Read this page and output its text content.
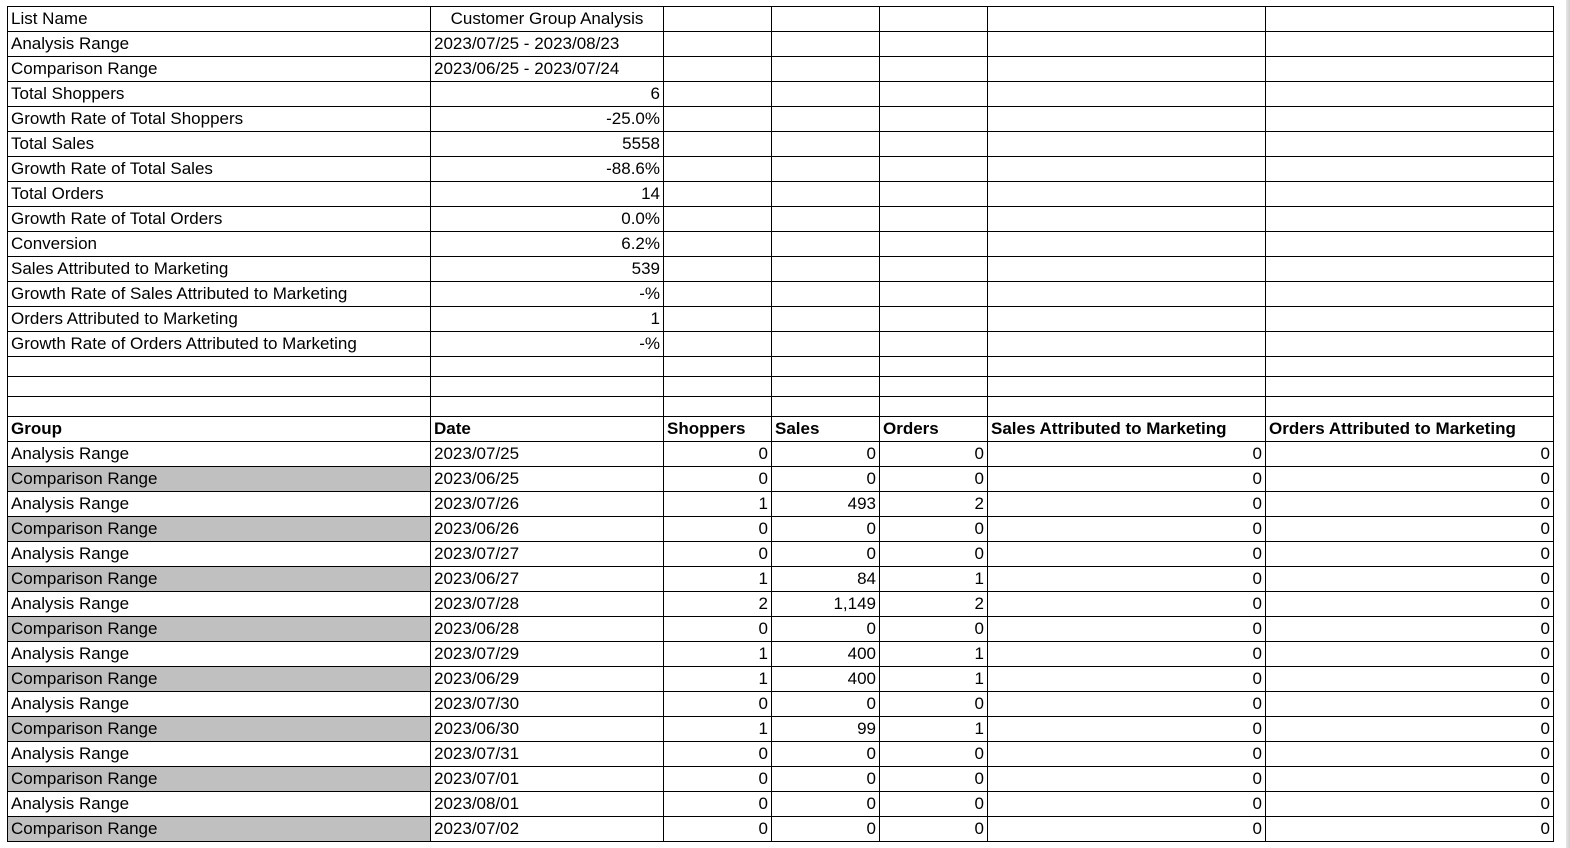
List Name	Customer Group Analysis					
Analysis Range	2023/07/25 - 2023/08/23					
Comparison Range	2023/06/25 - 2023/07/24					
Total Shoppers	6					
Growth Rate of Total Shoppers	-25.0%					
Total Sales	5558					
Growth Rate of Total Sales	-88.6%					
Total Orders	14					
Growth Rate of Total Orders	0.0%					
Conversion	6.2%					
Sales Attributed to Marketing	539					
Growth Rate of Sales Attributed to Marketing	-%					
Orders Attributed to Marketing	1					
Growth Rate of Orders Attributed to Marketing	-%					

Group	Date	Shoppers	Sales	Orders	Sales Attributed to Marketing	Orders Attributed to Marketing
Analysis Range	2023/07/25	0	0	0	0	0
Comparison Range	2023/06/25	0	0	0	0	0
Analysis Range	2023/07/26	1	493	2	0	0
Comparison Range	2023/06/26	0	0	0	0	0
Analysis Range	2023/07/27	0	0	0	0	0
Comparison Range	2023/06/27	1	84	1	0	0
Analysis Range	2023/07/28	2	1,149	2	0	0
Comparison Range	2023/06/28	0	0	0	0	0
Analysis Range	2023/07/29	1	400	1	0	0
Comparison Range	2023/06/29	1	400	1	0	0
Analysis Range	2023/07/30	0	0	0	0	0
Comparison Range	2023/06/30	1	99	1	0	0
Analysis Range	2023/07/31	0	0	0	0	0
Comparison Range	2023/07/01	0	0	0	0	0
Analysis Range	2023/08/01	0	0	0	0	0
Comparison Range	2023/07/02	0	0	0	0	0
